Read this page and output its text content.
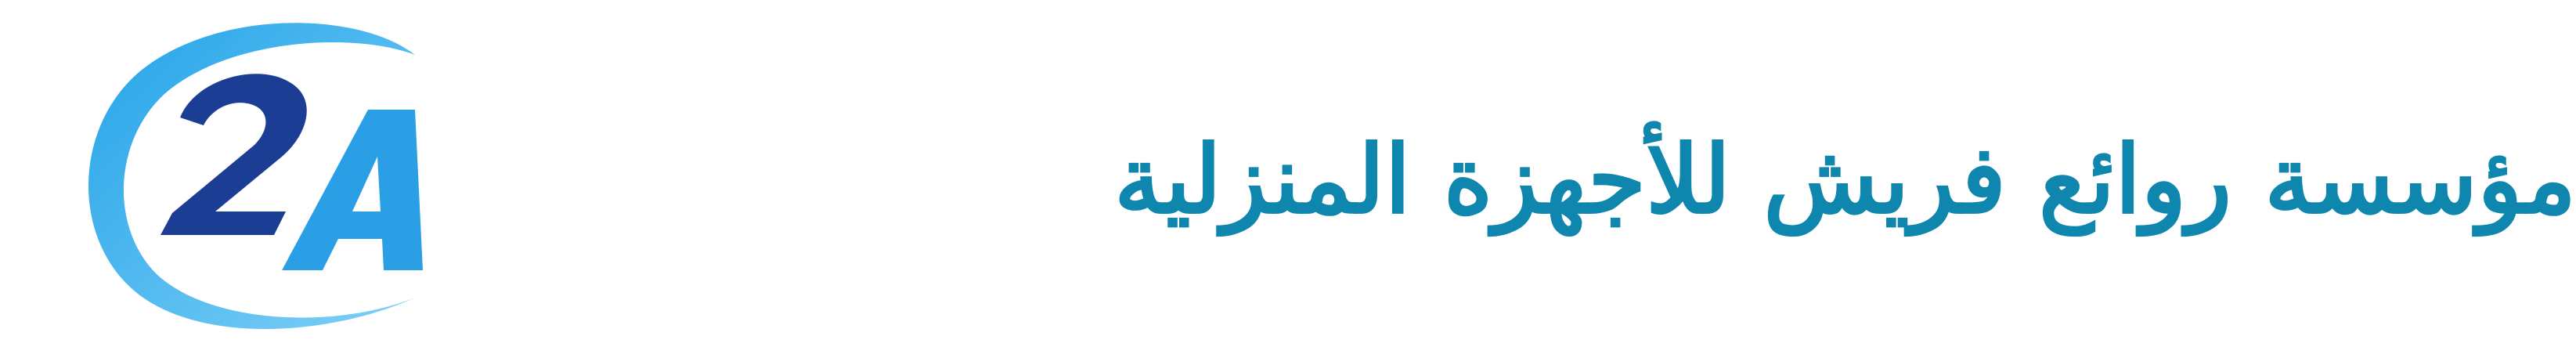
مؤسسة روائع فريش للأجهزة المنزلية
